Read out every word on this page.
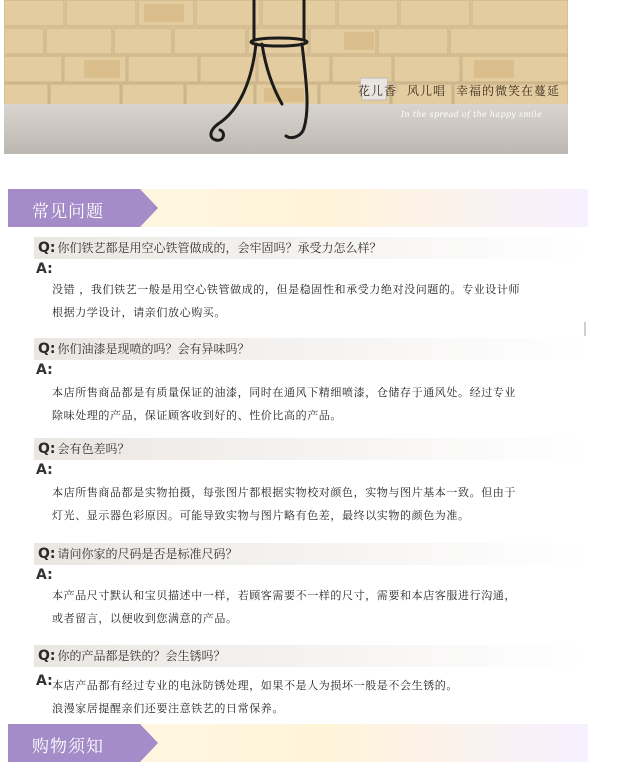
花儿香 风儿唱 幸福的微笑在蔓延
In the spread of the happy smile
常见问题
Q: 你们铁艺都是用空心铁管做成的，会牢固吗？承受力怎么样？
A:
没错 ，我们铁艺一般是用空心铁管做成的，但是稳固性和承受力绝对没问题的。专业设计师
根据力学设计，请亲们放心购买。
Q: 你们油漆是现喷的吗？会有异味吗？
A:
本店所售商品都是有质量保证的油漆，同时在通风下精细喷漆，仓储存于通风处。经过专业
除味处理的产品，保证顾客收到好的、性价比高的产品。
Q: 会有色差吗？
A:
本店所售商品都是实物拍摄，每张图片都根据实物校对颜色，实物与图片基本一致。但由于
灯光、显示器色彩原因。可能导致实物与图片略有色差，最终以实物的颜色为准。
Q: 请问你家的尺码是否是标准尺码？
A:
本产品尺寸默认和宝贝描述中一样，若顾客需要不一样的尺寸，需要和本店客服进行沟通，
或者留言，以便收到您满意的产品。
Q: 你的产品都是铁的？会生锈吗？
A: 本店产品都有经过专业的电泳防锈处理，如果不是人为损坏一般是不会生锈的。
浪漫家居提醒亲们还要注意铁艺的日常保养。
购物须知
